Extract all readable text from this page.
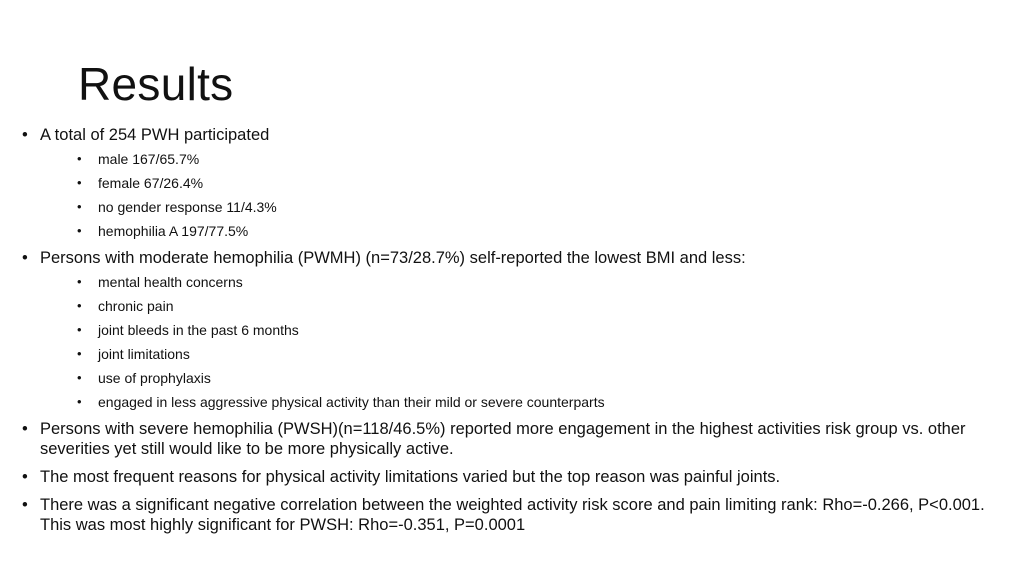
Results
• A total of 254 PWH participated
• male 167/65.7%
• female 67/26.4%
• no gender response 11/4.3%
• hemophilia A 197/77.5%
• Persons with moderate hemophilia (PWMH) (n=73/28.7%) self-reported the lowest BMI and less:
• mental health concerns
• chronic pain
• joint bleeds in the past 6 months
• joint limitations
• use of prophylaxis
• engaged in less aggressive physical activity than their mild or severe counterparts
• Persons with severe hemophilia (PWSH)(n=118/46.5%) reported more engagement in the highest activities risk group vs. other severities yet still would like to be more physically active.
• The most frequent reasons for physical activity limitations varied but the top reason was painful joints.
• There was a significant negative correlation between the weighted activity risk score and pain limiting rank: Rho=-0.266, P<0.001. This was most highly significant for PWSH: Rho=-0.351, P=0.0001
